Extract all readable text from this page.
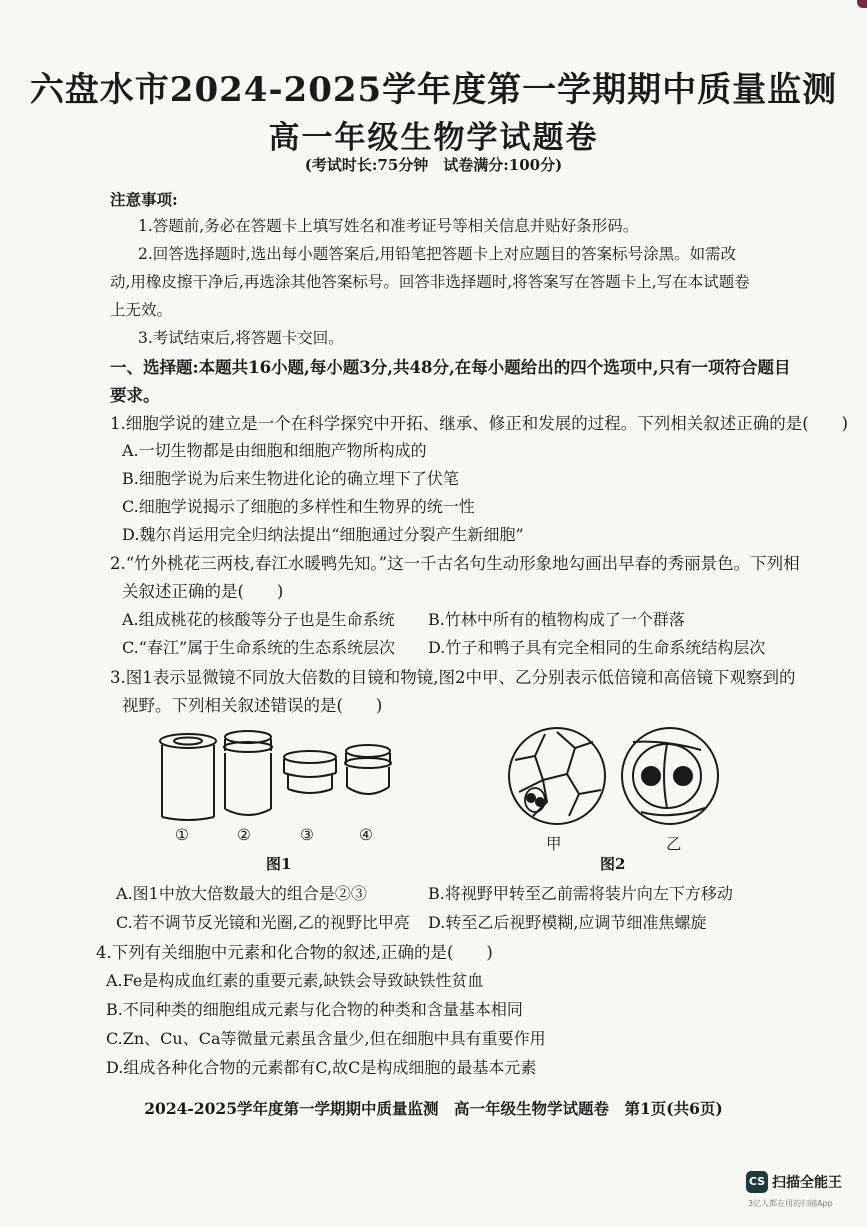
六盘水市2024-2025学年度第一学期期中质量监测
高一年级生物学试题卷
(考试时长:75分钟　试卷满分:100分)
注意事项:
1.答题前,务必在答题卡上填写姓名和准考证号等相关信息并贴好条形码。
2.回答选择题时,选出每小题答案后,用铅笔把答题卡上对应题目的答案标号涂黑。如需改
动,用橡皮擦干净后,再选涂其他答案标号。回答非选择题时,将答案写在答题卡上,写在本试题卷
上无效。
3.考试结束后,将答题卡交回。
一、选择题:本题共16小题,每小题3分,共48分,在每小题给出的四个选项中,只有一项符合题目
要求。
1.细胞学说的建立是一个在科学探究中开拓、继承、修正和发展的过程。下列相关叙述正确的是(　　)
A.一切生物都是由细胞和细胞产物所构成的
B.细胞学说为后来生物进化论的确立埋下了伏笔
C.细胞学说揭示了细胞的多样性和生物界的统一性
D.魏尔肖运用完全归纳法提出“细胞通过分裂产生新细胞”
2.“竹外桃花三两枝,春江水暖鸭先知。”这一千古名句生动形象地勾画出早春的秀丽景色。下列相
关叙述正确的是(　　)
A.组成桃花的核酸等分子也是生命系统 B.竹林中所有的植物构成了一个群落
C.“春江”属于生命系统的生态系统层次 D.竹子和鸭子具有完全相同的生命系统结构层次
3.图1表示显微镜不同放大倍数的目镜和物镜,图2中甲、乙分别表示低倍镜和高倍镜下观察到的
视野。下列相关叙述错误的是(　　)
①	②	③	④
图1
甲	乙
图2
A.图1中放大倍数最大的组合是②③	B.将视野甲转至乙前需将装片向左下方移动
C.若不调节反光镜和光圈,乙的视野比甲亮 D.转至乙后视野模糊,应调节细准焦螺旋
4.下列有关细胞中元素和化合物的叙述,正确的是(　　)
A.Fe是构成血红素的重要元素,缺铁会导致缺铁性贫血
B.不同种类的细胞组成元素与化合物的种类和含量基本相同
C.Zn、Cu、Ca等微量元素虽含量少,但在细胞中具有重要作用
D.组成各种化合物的元素都有C,故C是构成细胞的最基本元素
2024-2025学年度第一学期期中质量监测　高一年级生物学试题卷　第1页(共6页)
CS 扫描全能王
3亿人都在用的扫描App
